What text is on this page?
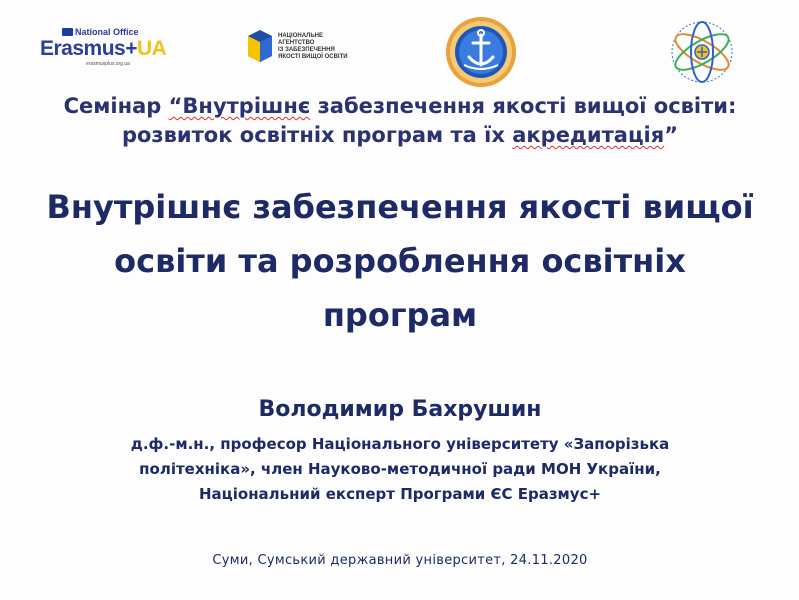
National Office
Erasmus+UA
erasmusplus.org.ua
НАЦІОНАЛЬНЕ
АГЕНТСТВО
ІЗ ЗАБЕЗПЕЧЕННЯ
ЯКОСТІ ВИЩОЇ ОСВІТИ
Семінар “Внутрішнє забезпечення якості вищої освіти:
розвиток освітніх програм та їх акредитація”
Внутрішнє забезпечення якості вищої
освіти та розроблення освітніх
програм
Володимир Бахрушин
д.ф.-м.н., професор Національного університету «Запорізька
політехніка», член Науково-методичної ради МОН України,
Національний експерт Програми ЄС Еразмус+
Суми, Сумський державний університет, 24.11.2020
